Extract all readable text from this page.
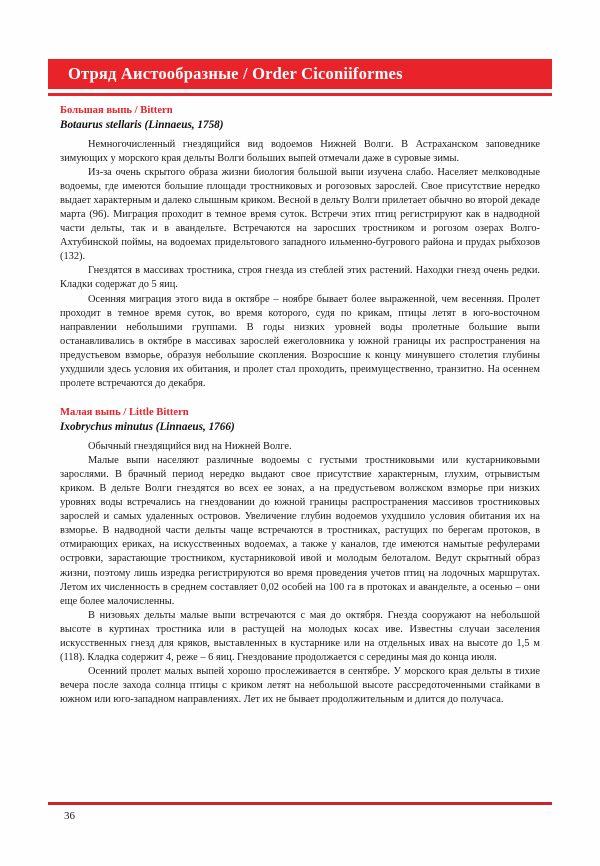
Отряд Аистообразные / Order Ciconiiformes
Большая выпь / Bittern
Botaurus stellaris (Linnaeus, 1758)

Немногочисленный гнездящийся вид водоемов Нижней Волги. В Астраханском заповеднике зимующих у морского края дельты Волги больших выпей отмечали даже в суровые зимы.

Из-за очень скрытого образа жизни биология большой выпи изучена слабо. Населяет мелководные водоемы, где имеются большие площади тростниковых и рогозовых зарослей. Свое присутствие нередко выдает характерным и далеко слышным криком. Весной в дельту Волги прилетает обычно во второй декаде марта (96). Миграция проходит в темное время суток. Встречи этих птиц регистрируют как в надводной части дельты, так и в авандельте. Встречаются на заросших тростником и рогозом озерах Волго-Ахтубинской поймы, на водоемах придельтового западного ильменно-бугрового района и прудах рыбхозов (132).

Гнездятся в массивах тростника, строя гнезда из стеблей этих растений. Находки гнезд очень редки. Кладки содержат до 5 яиц.

Осенняя миграция этого вида в октябре – ноябре бывает более выраженной, чем весенняя. Пролет проходит в темное время суток, во время которого, судя по крикам, птицы летят в юго-восточном направлении небольшими группами. В годы низких уровней воды пролетные большие выпи останавливались в октябре в массивах зарослей ежеголовника у южной границы их распространения на предустьевом взморье, образуя небольшие скопления. Возросшие к концу минувшего столетия глубины ухудшили здесь условия их обитания, и пролет стал проходить, преимущественно, транзитно. На осеннем пролете встречаются до декабря.

Малая выпь / Little Bittern
Ixobrychus minutus (Linnaeus, 1766)

Обычный гнездящийся вид на Нижней Волге.

Малые выпи населяют различные водоемы с густыми тростниковыми или кустарниковыми зарослями. В брачный период нередко выдают свое присутствие характерным, глухим, отрывистым криком. В дельте Волги гнездятся во всех ее зонах, а на предустьевом волжском взморье при низких уровнях воды встречались на гнездовании до южной границы распространения массивов тростниковых зарослей и самых удаленных островов. Увеличение глубин водоемов ухудшило условия обитания их на взморье. В надводной части дельты чаще встречаются в тростниках, растущих по берегам протоков, в отмирающих ериках, на искусственных водоемах, а также у каналов, где имеются намытые рефулерами островки, зарастающие тростником, кустарниковой ивой и молодым белоталом. Ведут скрытный образ жизни, поэтому лишь изредка регистрируются во время проведения учетов птиц на лодочных маршрутах. Летом их численность в среднем составляет 0,02 особей на 100 га в протоках и авандельте, а осенью – они еще более малочисленны.

В низовьях дельты малые выпи встречаются с мая до октября. Гнезда сооружают на небольшой высоте в куртинах тростника или в растущей на молодых косах иве. Известны случаи заселения искусственных гнезд для кряков, выставленных в кустарнике или на отдельных ивах на высоте до 1,5 м (118). Кладка содержит 4, реже – 6 яиц. Гнездование продолжается с середины мая до конца июля.

Осенний пролет малых выпей хорошо прослеживается в сентябре. У морского края дельты в тихие вечера после захода солнца птицы с криком летят на небольшой высоте рассредоточенными стайками в южном или юго-западном направлениях. Лет их не бывает продолжительным и длится до получаса.

36
